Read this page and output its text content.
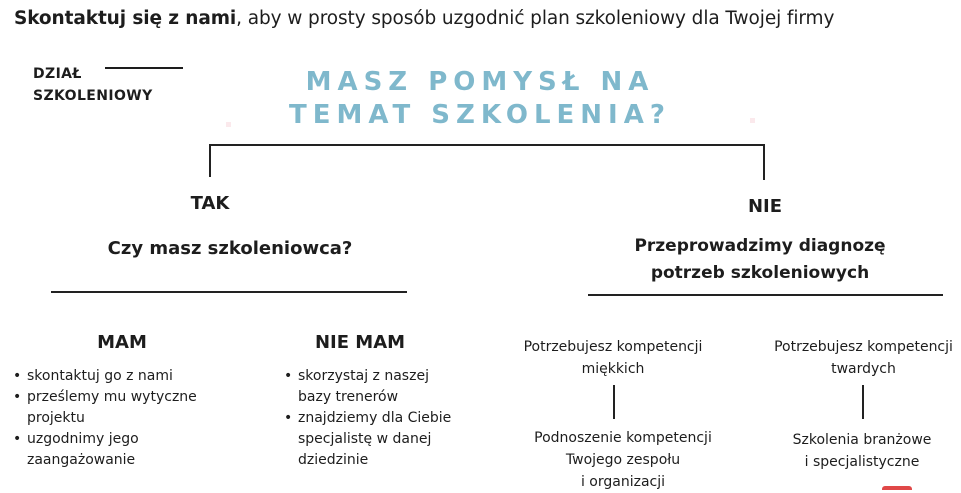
Skontaktuj się z nami, aby w prosty sposób uzgodnić plan szkoleniowy dla Twojej firmy
DZIAŁ
SZKOLENIOWY	MASZ POMYSŁ NA
TEMAT SZKOLENIA?
TAK
Czy masz szkoleniowca?
MAM
• skontaktuj go z nami
• prześlemy mu wytyczne projektu
• uzgodnimy jego zaangażowanie
NIE MAM
• skorzystaj z naszej bazy trenerów
• znajdziemy dla Ciebie specjalistę w danej dziedzinie
NIE
Przeprowadzimy diagnozę
potrzeb szkoleniowych
Potrzebujesz kompetencji
miękkich
Podnoszenie kompetencji
Twojego zespołu
i organizacji
Potrzebujesz kompetencji
twardych
Szkolenia branżowe
i specjalistyczne
